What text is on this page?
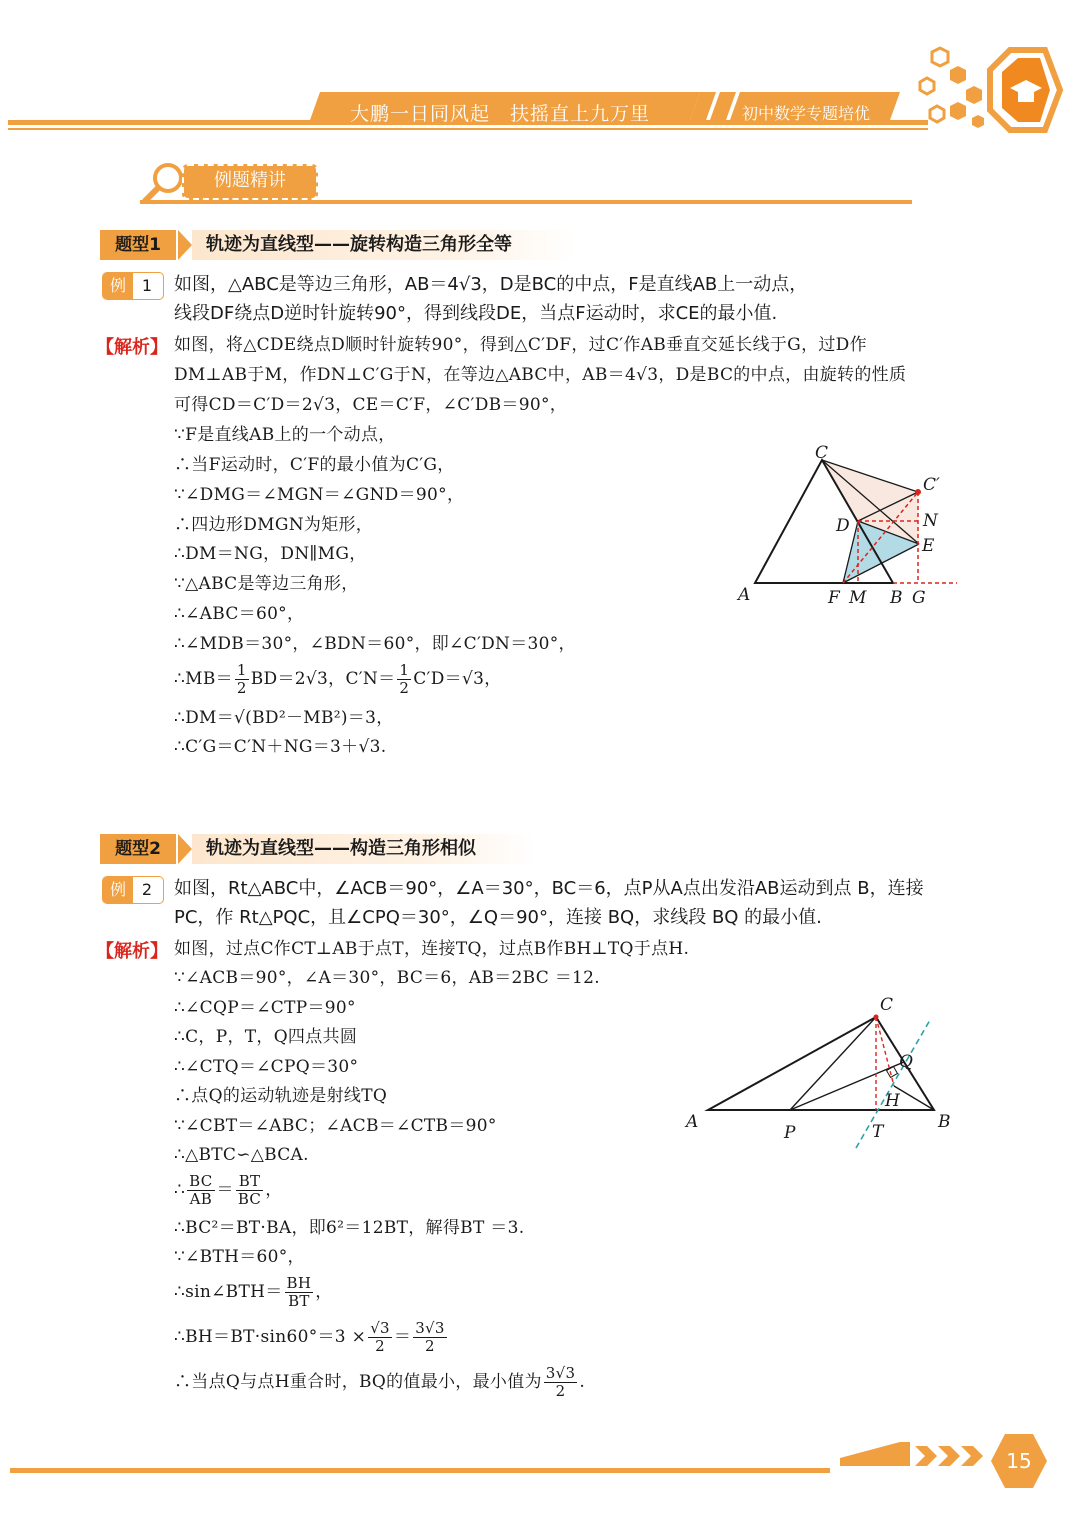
大鹏一日同风起　扶摇直上九万里	初中数学专题培优
例题精讲
题型1	轨迹为直线型——旋转构造三角形全等
例 1	如图，△ABC是等边三角形，AB＝4√3，D是BC的中点，F是直线AB上一动点，
线段DF绕点D逆时针旋转90°，得到线段DE，当点F运动时，求CE的最小值.
【解析】 如图，将△CDE绕点D顺时针旋转90°，得到△C′DF，过C′作AB垂直交延长线于G，过D作
DM⊥AB于M，作DN⊥C′G于N，在等边△ABC中，AB＝4√3，D是BC的中点，由旋转的性质
可得CD＝C′D＝2√3，CE＝C′F，∠C′DB＝90°，
∵F是直线AB上的一个动点，
∴当F运动时，C′F的最小值为C′G，
∵∠DMG＝∠MGN＝∠GND＝90°，
∴四边形DMGN为矩形，
∴DM＝NG，DN∥MG，
∵△ABC是等边三角形，
∴∠ABC＝60°，
∴∠MDB＝30°，∠BDN＝60°，即∠C′DN＝30°，
∴MB＝ $\frac{1}{2} BD=2√3$，$C'N= \frac{1}{2} C'D=√3$，
∴DM＝√(BD²－MB²)＝3，
∴C′G＝C′N＋NG＝3＋√3.
C
C′
D	N
E
A	F M B G
题型2	轨迹为直线型——构造三角形相似
例 2	如图，Rt△ABC中，∠ACB＝90°，∠A＝30°，BC＝6，点P从A点出发沿AB运动到点 B，连接
PC，作 Rt△PQC，且∠CPQ＝30°，∠Q＝90°，连接 BQ，求线段 BQ 的最小值.
【解析】 如图，过点C作CT⊥AB于点T，连接TQ，过点B作BH⊥TQ于点H.
∵∠ACB＝90°，∠A＝30°，BC＝6，AB＝2BC ＝12.
∴∠CQP＝∠CTP＝90°
∴C，P，T，Q四点共圆
∴∠CTQ＝∠CPQ＝30°
∴点Q的运动轨迹是射线TQ
∵∠CBT＝∠ABC；∠ACB＝∠CTB＝90°
∴△BTC∽△BCA.
∴ $\frac{BC}{AB} = \frac{BT}{BC}$ ，
∴BC²＝BT·BA，即6²＝12BT，解得BT ＝3.
∵∠BTH＝60°，
∴sin∠BTH＝ $\frac{BH}{BT}$ ，
∴BH＝BT·sin60°＝3 × $\frac{√3}{2} = \frac{3√3}{2}$
∴当点Q与点H重合时，BQ的值最小，最小值为 $\frac{3√3}{2}$ .
C
Q
H
A
P	T	B
15
